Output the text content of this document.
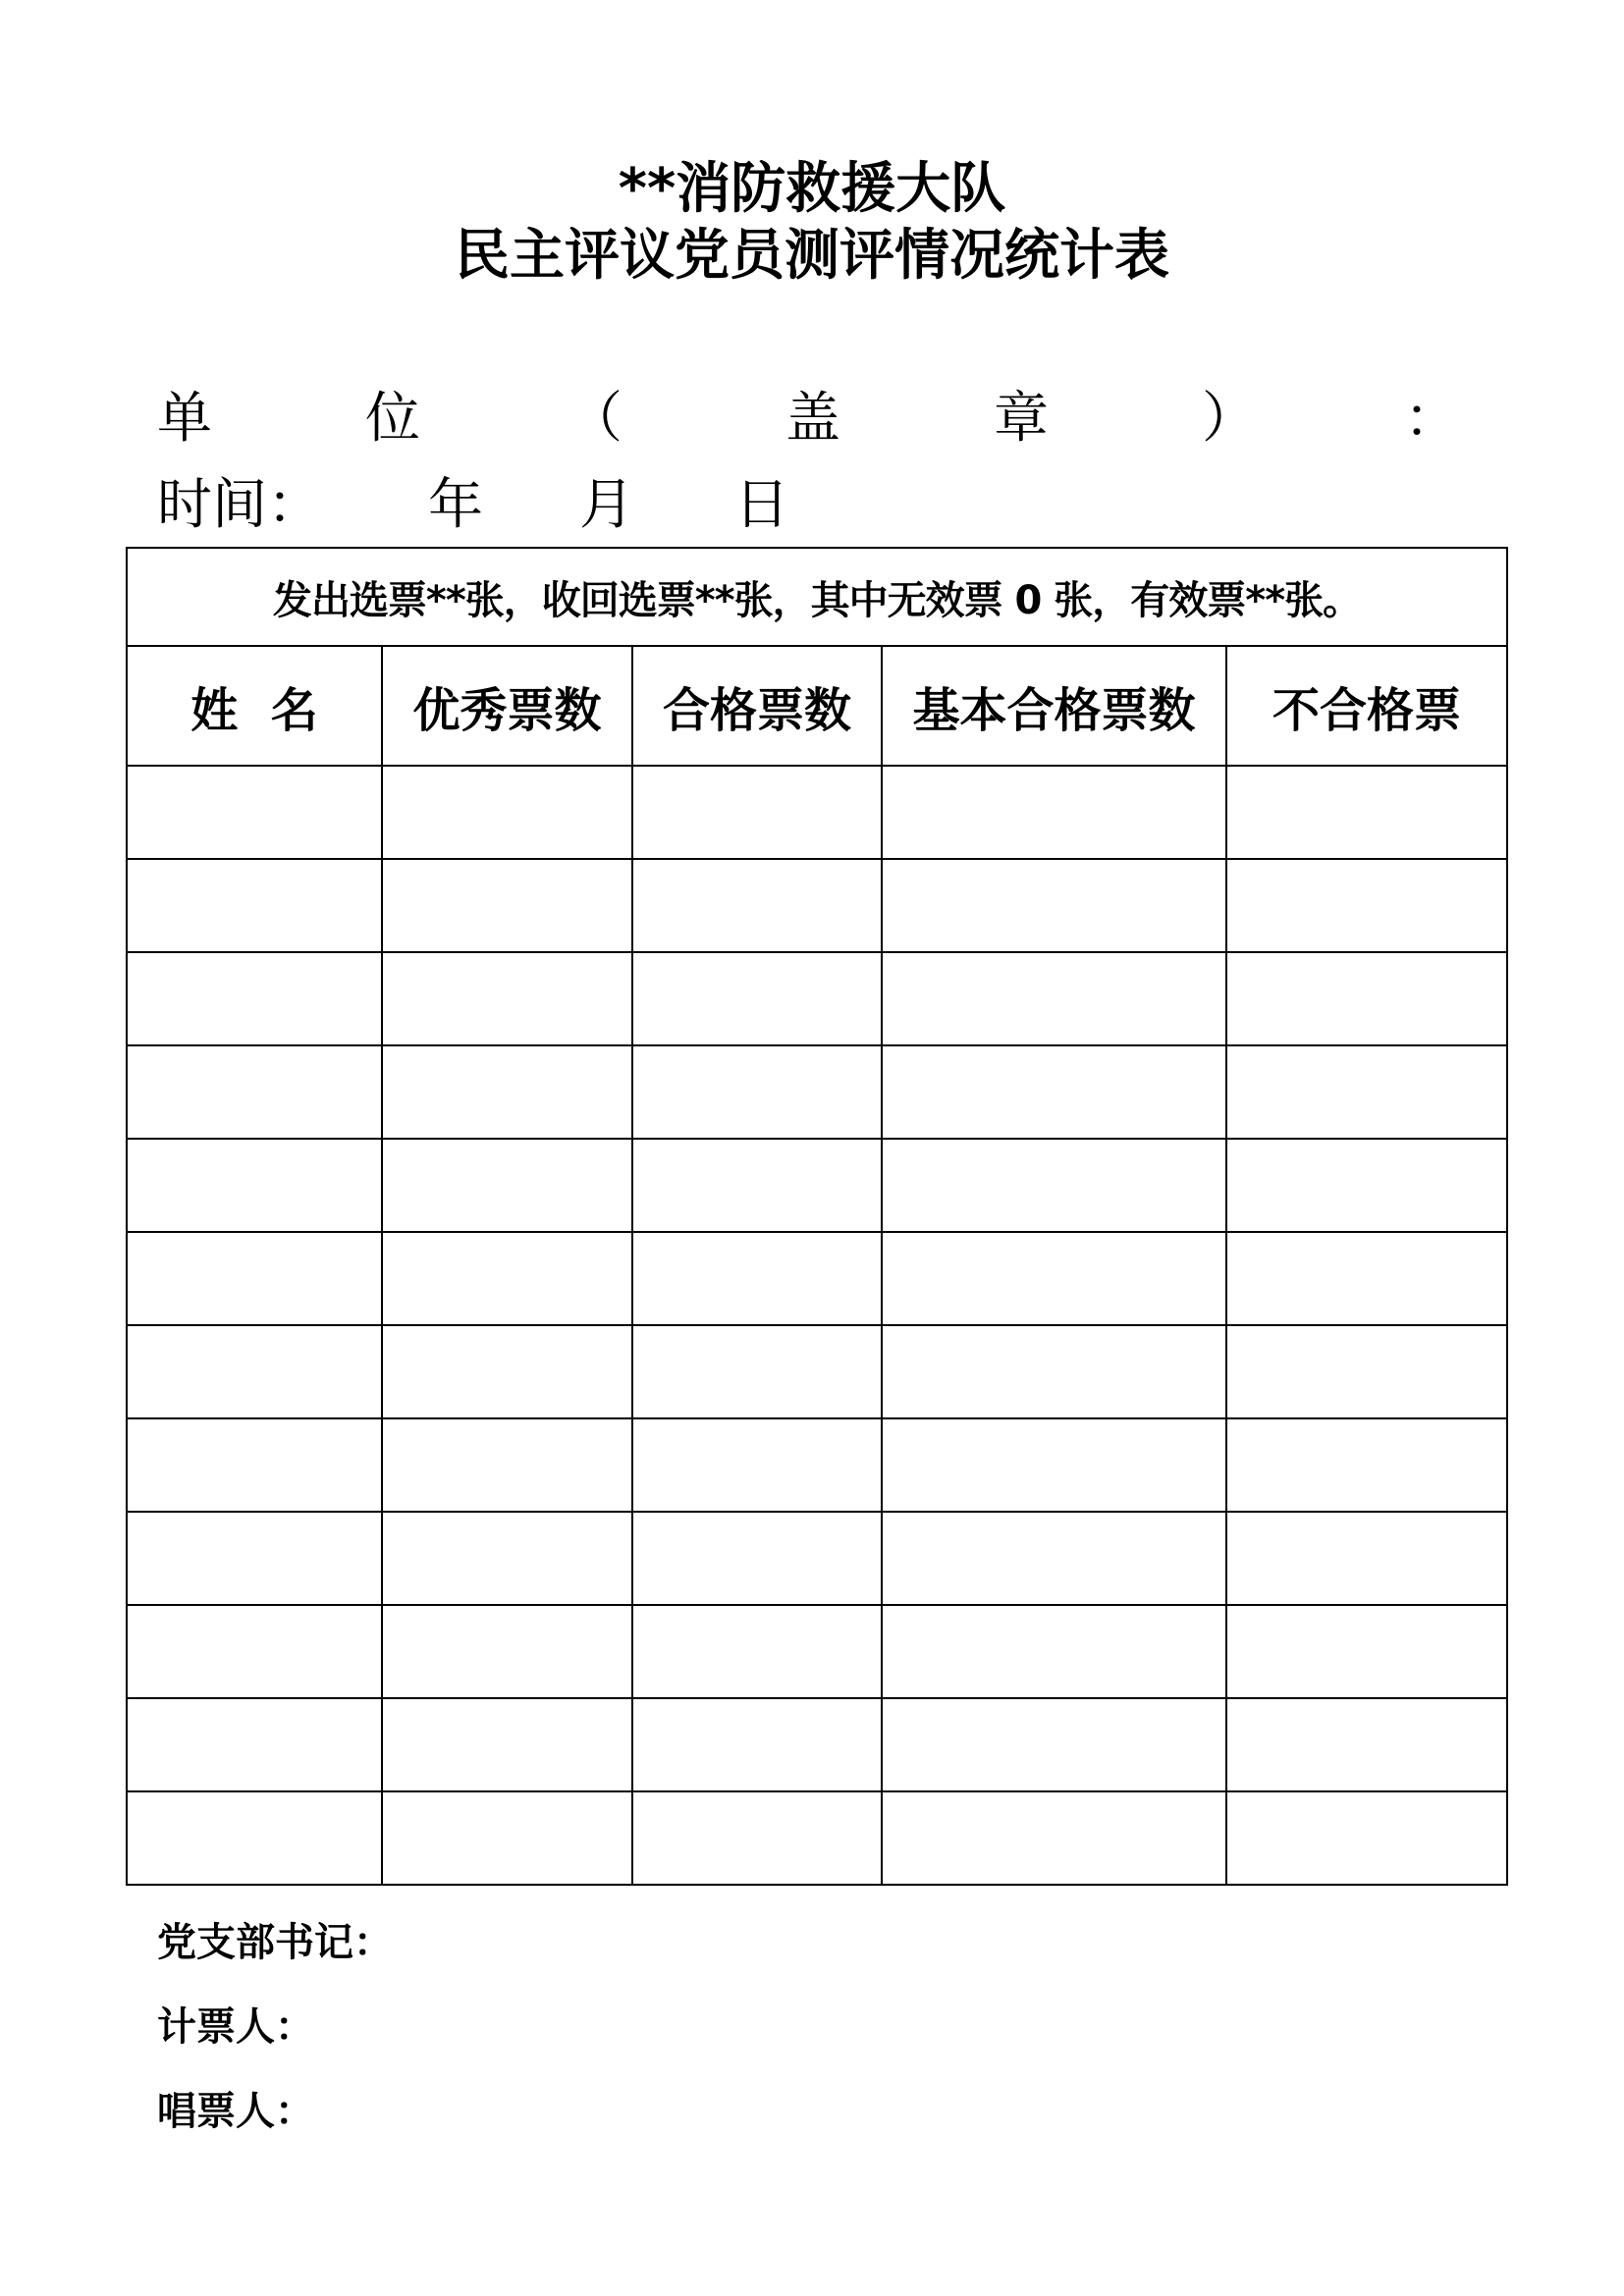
**消防救援大队
民主评议党员测评情况统计表
单	位	（	盖	章	）	：
时间： 年 月 日
发出选票**张，收回选票**张，其中无效票 0 张，有效票**张。				
姓  名	优秀票数	合格票数	基本合格票数	不合格票

党支部书记：
计票人：
唱票人：
